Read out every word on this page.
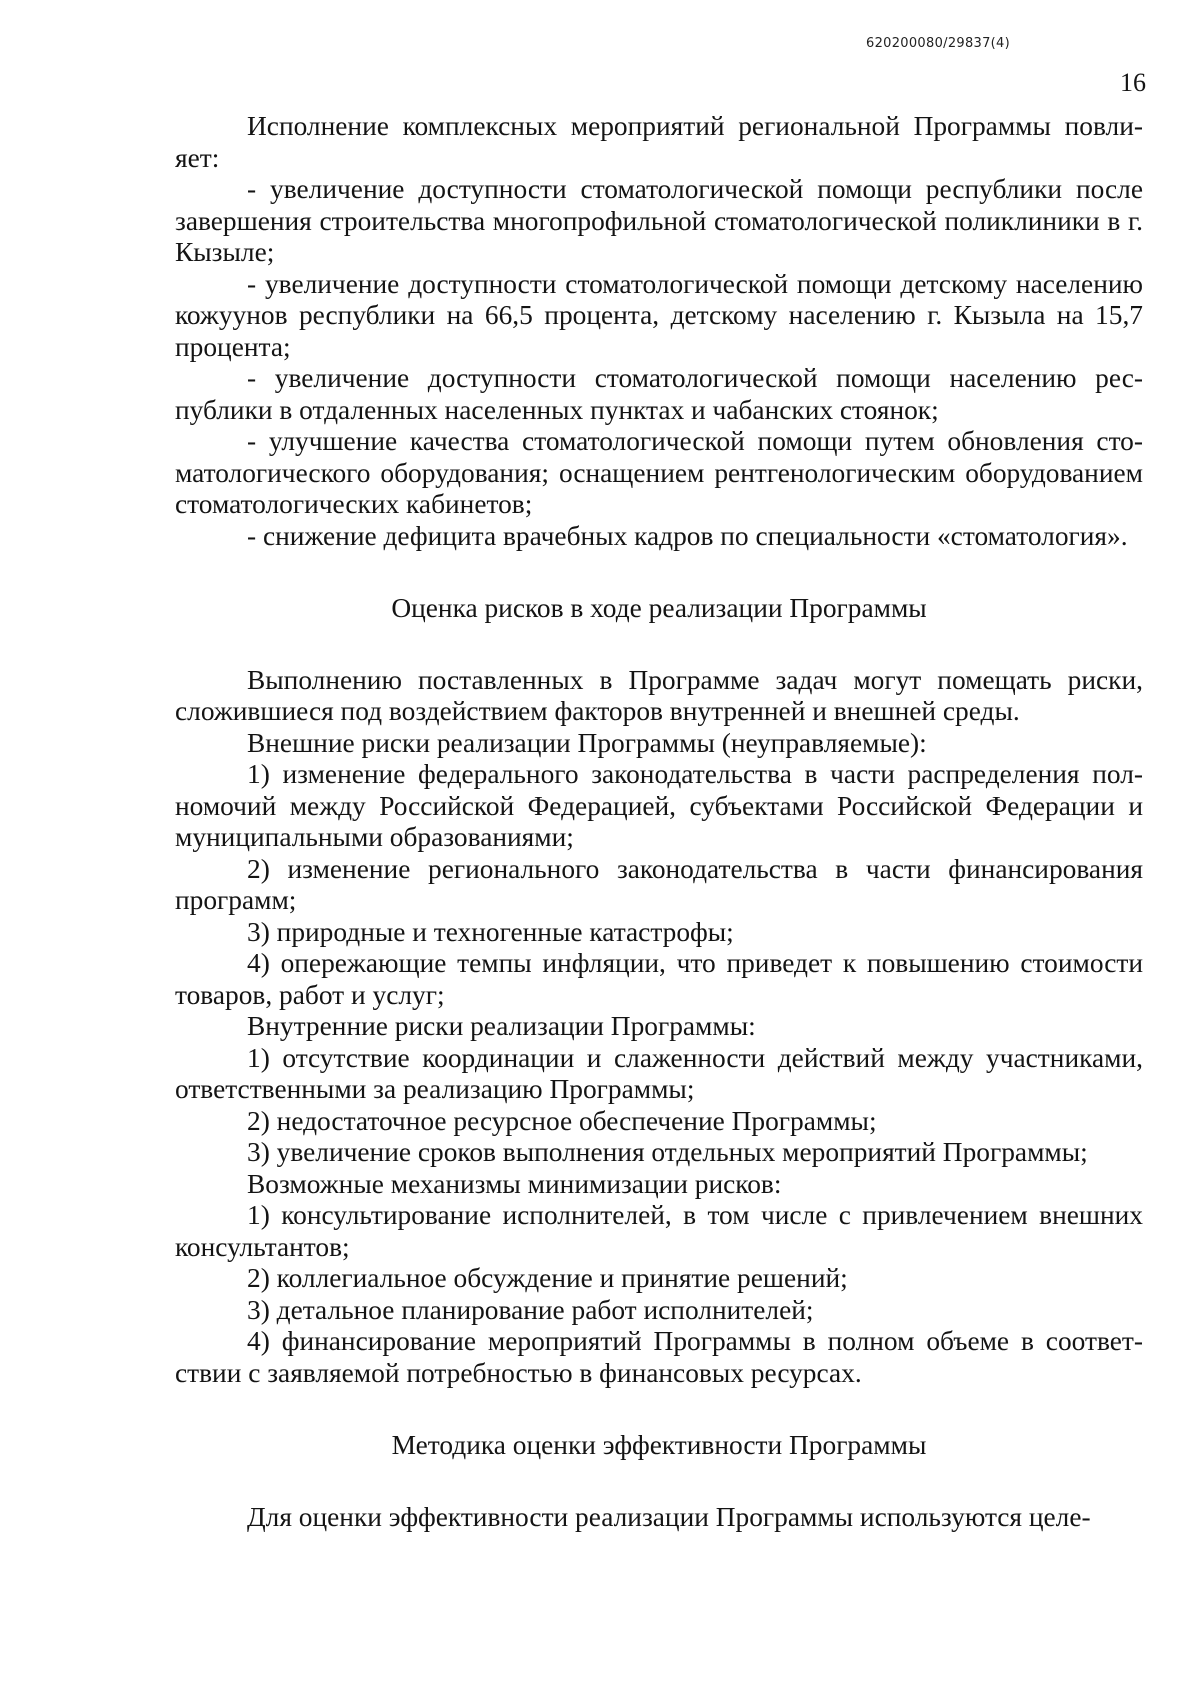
620200080/29837(4)
16

Исполнение комплексных мероприятий региональной Программы повлияет:

- увеличение доступности стоматологической помощи республики после завершения строительства многопрофильной стоматологической поликлиники в г. Кызыле;

- увеличение доступности стоматологической помощи детскому населению кожуунов республики на 66,5 процента, детскому населению г. Кызыла на 15,7 процента;

- увеличение доступности стоматологической помощи населению республики в отдаленных населенных пунктах и чабанских стоянок;

- улучшение качества стоматологической помощи путем обновления стоматологического оборудования; оснащением рентгенологическим оборудованием стоматологических кабинетов;

- снижение дефицита врачебных кадров по специальности «стоматология».

Оценка рисков в ходе реализации Программы

Выполнению поставленных в Программе задач могут помещать риски, сложившиеся под воздействием факторов внутренней и внешней среды.

Внешние риски реализации Программы (неуправляемые):

1) изменение федерального законодательства в части распределения полномочий между Российской Федерацией, субъектами Российской Федерации и муниципальными образованиями;

2) изменение регионального законодательства в части финансирования программ;

3) природные и техногенные катастрофы;

4) опережающие темпы инфляции, что приведет к повышению стоимости товаров, работ и услуг;

Внутренние риски реализации Программы:

1) отсутствие координации и слаженности действий между участниками, ответственными за реализацию Программы;

2) недостаточное ресурсное обеспечение Программы;

3) увеличение сроков выполнения отдельных мероприятий Программы;

Возможные механизмы минимизации рисков:

1) консультирование исполнителей, в том числе с привлечением внешних консультантов;

2) коллегиальное обсуждение и принятие решений;

3) детальное планирование работ исполнителей;

4) финансирование мероприятий Программы в полном объеме в соответствии с заявляемой потребностью в финансовых ресурсах.

Методика оценки эффективности Программы

Для оценки эффективности реализации Программы используются целе-
